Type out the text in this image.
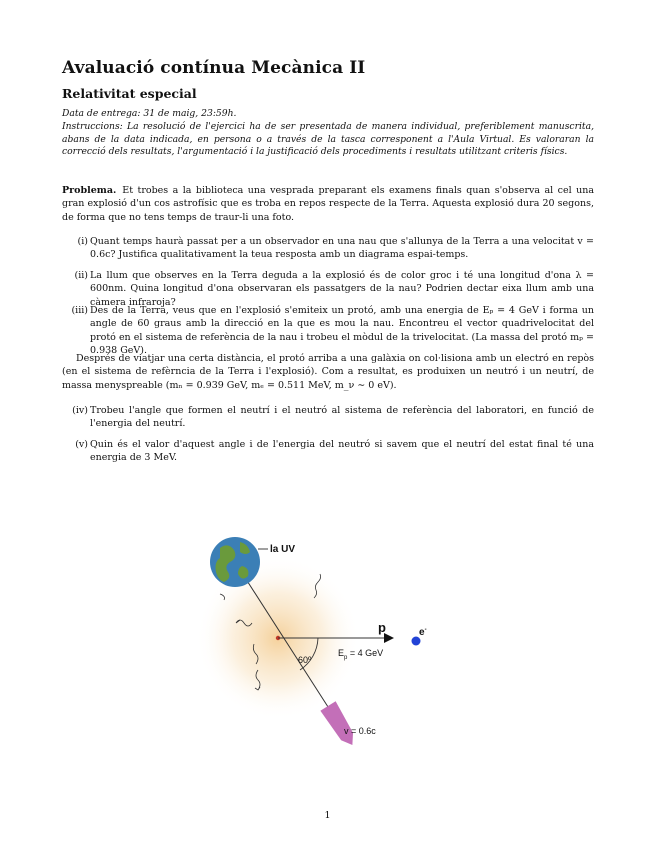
Avaluació contínua Mecànica II
Relativitat especial
Data de entrega: 31 de maig, 23:59h.
Instruccions: La resolució de l'ejercici ha de ser presentada de manera individual, preferiblement manuscrita, abans de la data indicada, en persona o a través de la tasca corresponent a l'Aula Virtual. Es valoraran la correcció dels resultats, l'argumentació i la justificació dels procediments i resultats utilitzant criteris físics.
Problema. Et trobes a la biblioteca una vesprada preparant els examens finals quan s'observa al cel una gran explosió d'un cos astrofísic que es troba en repos respecte de la Terra. Aquesta explosió dura 20 segons, de forma que no tens temps de traur-li una foto.
(i) Quant temps haurà passat per a un observador en una nau que s'allunya de la Terra a una velocitat v = 0.6c? Justifica qualitativament la teua resposta amb un diagrama espai-temps.
(ii) La llum que observes en la Terra deguda a la explosió és de color groc i té una longitud d'ona λ = 600nm. Quina longitud d'ona observaran els passatgers de la nau? Podrien dectar eixa llum amb una càmera infraroja?
(iii) Des de la Terra, veus que en l'explosió s'emiteix un protó, amb una energia de Eₚ = 4 GeV i forma un angle de 60 graus amb la direcció en la que es mou la nau. Encontreu el vector quadrivelocitat del protó en el sistema de referència de la nau i trobeu el mòdul de la trivelocitat. (La massa del protó mₚ = 0.938 GeV).
Després de viatjar una certa distància, el protó arriba a una galàxia on col·lisiona amb un electró en repòs (en el sistema de refèrncia de la Terra i l'explosió). Com a resultat, es produixen un neutró i un neutrí, de massa menyspreable (mₙ = 0.939 GeV, mₑ = 0.511 MeV, m_ν ∼ 0 eV).
(iv) Trobeu l'angle que formen el neutrí i el neutró al sistema de referència del laboratori, en funció de l'energia del neutrí.
(v) Quin és el valor d'aquest angle i de l'energia del neutró si savem que el neutrí del estat final té una energia de 3 MeV.
la UV
p	e-
60º
$E_p = 4$ GeV
v = 0.6c
1
